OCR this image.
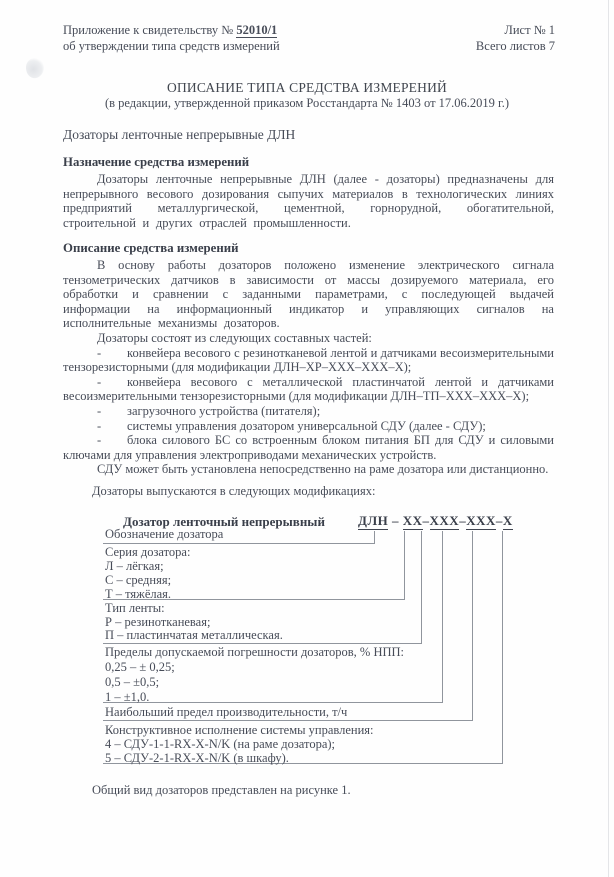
Приложение к свидетельству № 52010/1
об утверждении типа средств измерений
Лист № 1
Всего листов 7
ОПИСАНИЕ ТИПА СРЕДСТВА ИЗМЕРЕНИЙ
(в редакции, утвержденной приказом Росстандарта № 1403 от 17.06.2019 г.)
Дозаторы ленточные непрерывные ДЛН
Назначение средства измерений

Дозаторы ленточные непрерывные ДЛН (далее - дозаторы) предназначены для непрерывного весового дозирования сыпучих материалов в технологических линиях предприятий металлургической, цементной, горнорудной, обогатительной, строительной и других отраслей промышленности.

Описание средства измерений

В основу работы дозаторов положено изменение электрического сигнала тензометрических датчиков в зависимости от массы дозируемого материала, его обработки и сравнении с заданными параметрами, с последующей выдачей информации на информационный индикатор и управляющих сигналов на исполнительные механизмы дозаторов.

Дозаторы состоят из следующих составных частей:

- конвейера весового с резинотканевой лентой и датчиками весоизмерительными тензорезисторными (для модификации ДЛН–ХР–ХХХ–ХХХ–Х);

- конвейера весового с металлической пластинчатой лентой и датчиками весоизмерительными тензорезисторными (для модификации ДЛН–ТП–ХХХ–ХХХ–Х);

- загрузочного устройства (питателя);

- системы управления дозатором универсальной СДУ (далее - СДУ);

- блока силового БС со встроенным блоком питания БП для СДУ и силовыми ключами для управления электроприводами механических устройств.

СДУ может быть установлена непосредственно на раме дозатора или дистанционно.

Дозаторы выпускаются в следующих модификациях:

Дозатор ленточный непрерывный	ДЛН – ХХ–ХХХ–ХХХ–Х
Обозначение дозатора
Серия дозатора:
Л – лёгкая;
С – средняя;
Т – тяжёлая.
Тип ленты:
Р – резинотканевая;
П – пластинчатая металлическая.
Пределы допускаемой погрешности дозаторов, % НПП:
0,25 – ± 0,25;
0,5 – ±0,5;
1 – ±1,0.
Наибольший предел производительности, т/ч
Конструктивное исполнение системы управления:
4 – СДУ-1-1-RX-X-N/K (на раме дозатора);
5 – СДУ-2-1-RX-X-N/K (в шкафу).

Общий вид дозаторов представлен на рисунке 1.
